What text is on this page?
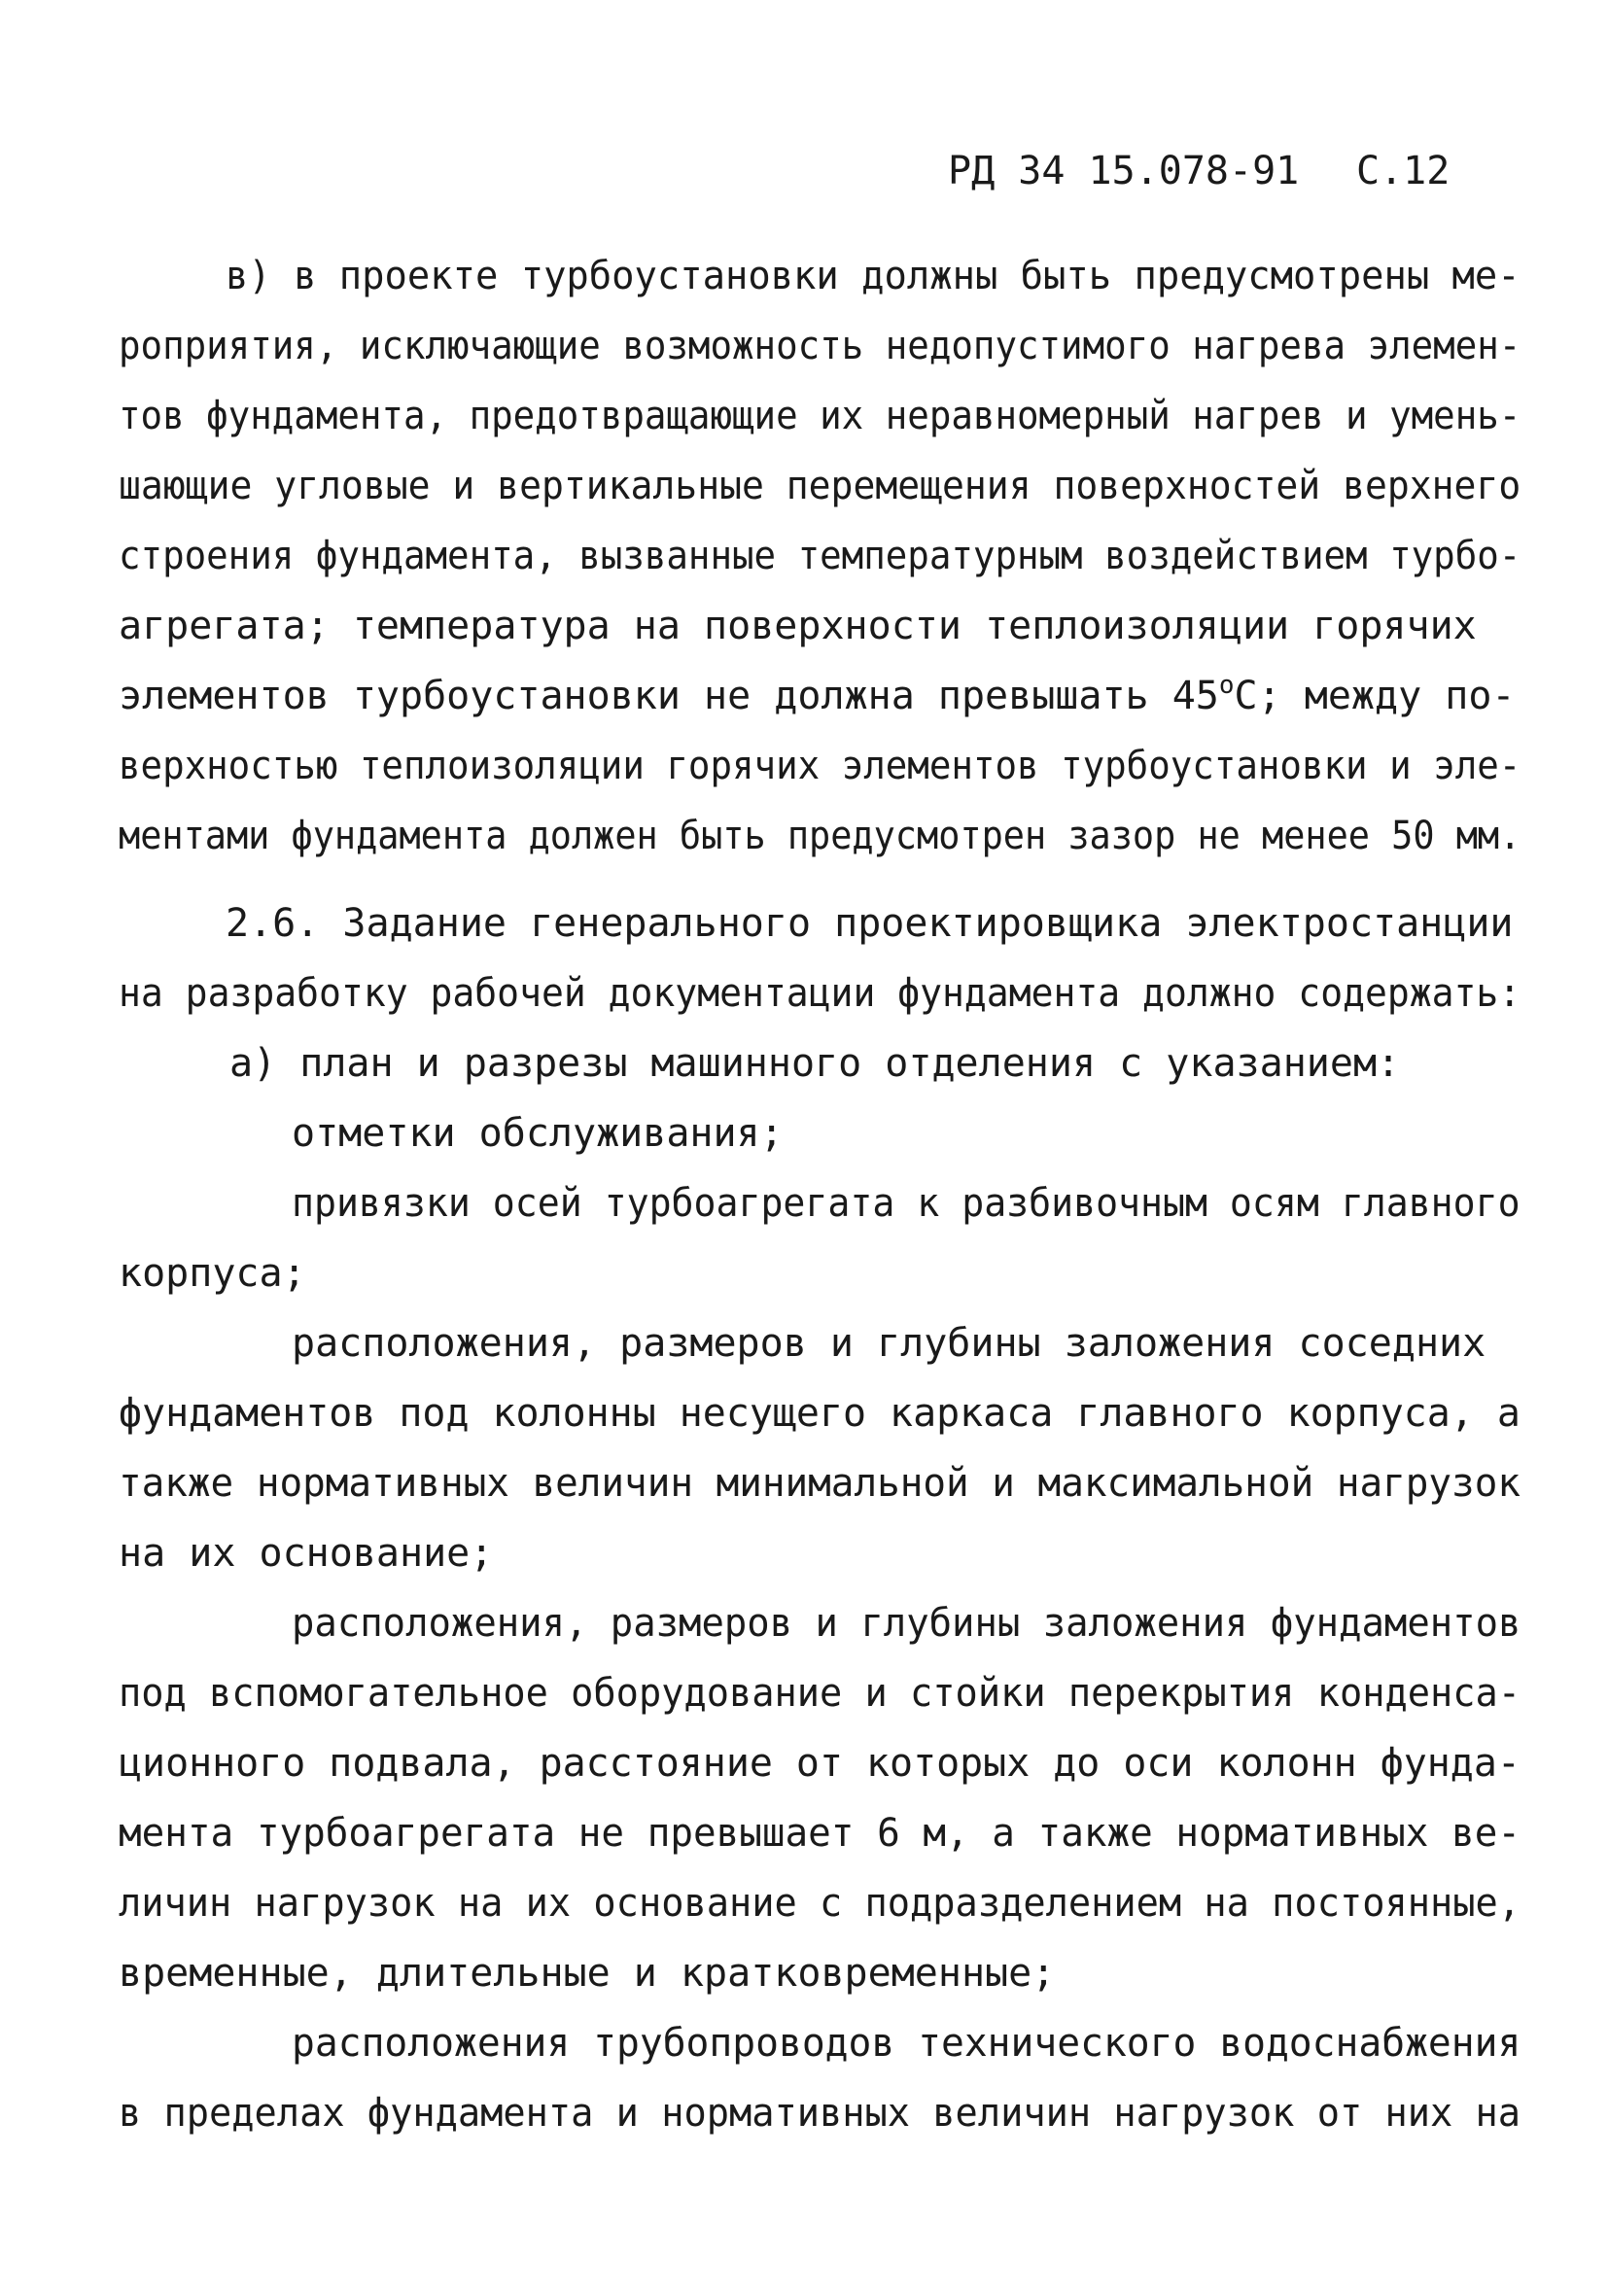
РД 34 15.078-91 С.12
в) в проекте турбоустановки должны быть предусмотрены ме-
роприятия, исключающие возможность недопустимого нагрева элемен-
тов фундамента, предотвращающие их неравномерный нагрев и умень-
шающие угловые и вертикальные перемещения поверхностей верхнего
строения фундамента, вызванные температурным воздействием турбо-
агрегата; температура на поверхности теплоизоляции горячих
элементов турбоустановки не должна превышать $45^оС$; между по-
верхностью теплоизоляции горячих элементов турбоустановки и эле-
ментами фундамента должен быть предусмотрен зазор не менее 50 мм.
2.6. Задание генерального проектировщика электростанции
на разработку рабочей документации фундамента должно содержать:
а) план и разрезы машинного отделения с указанием:
отметки обслуживания;
привязки осей турбоагрегата к разбивочным осям главного
корпуса;
расположения, размеров и глубины заложения соседних
фундаментов под колонны несущего каркаса главного корпуса, а
также нормативных величин минимальной и максимальной нагрузок
на их основание;
расположения, размеров и глубины заложения фундаментов
под вспомогательное оборудование и стойки перекрытия конденса-
ционного подвала, расстояние от которых до оси колонн фунда-
мента турбоагрегата не превышает 6 м, а также нормативных ве-
личин нагрузок на их основание с подразделением на постоянные,
временные, длительные и кратковременные;
расположения трубопроводов технического водоснабжения
в пределах фундамента и нормативных величин нагрузок от них на
